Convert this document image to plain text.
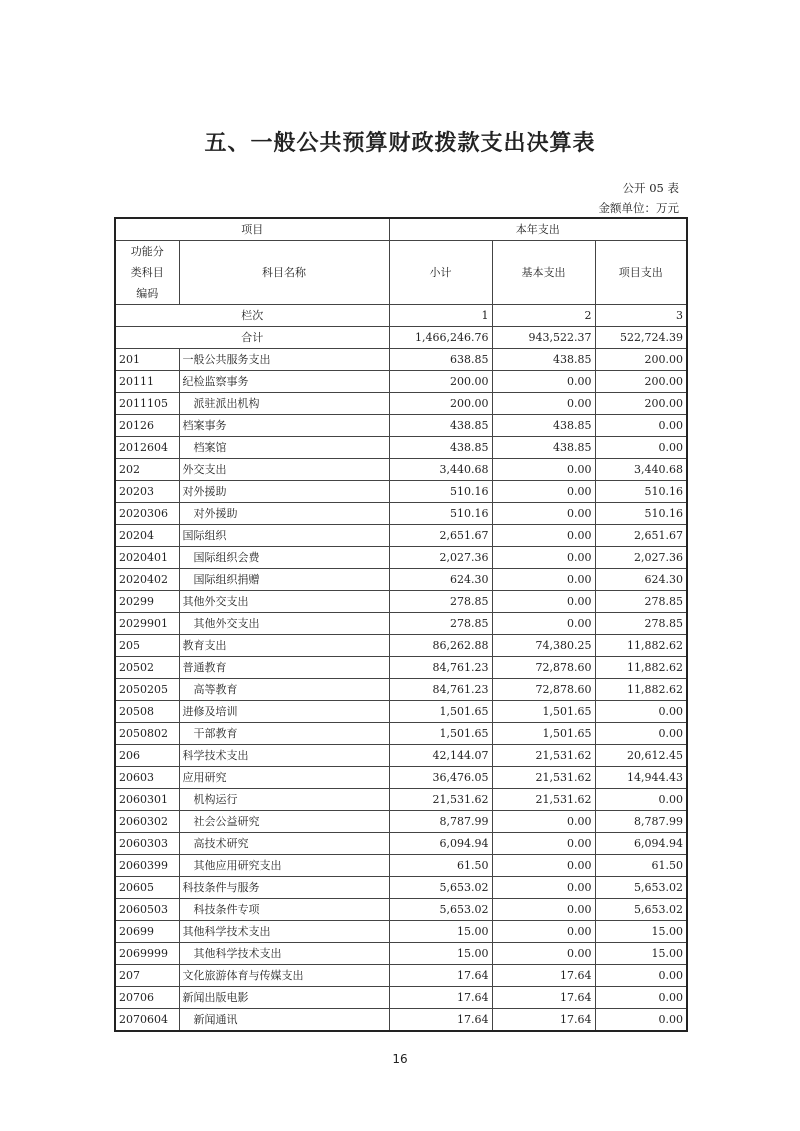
五、一般公共预算财政拨款支出决算表
公开 05 表
金额单位：万元
项目		本年支出		
功能分
类科目
编码	科目名称	小计	基本支出	项目支出
栏次		1	2	3
合计		1,466,246.76	943,522.37	522,724.39
201	一般公共服务支出	638.85	438.85	200.00
20111	纪检监察事务	200.00	0.00	200.00
2011105	派驻派出机构	200.00	0.00	200.00
20126	档案事务	438.85	438.85	0.00
2012604	档案馆	438.85	438.85	0.00
202	外交支出	3,440.68	0.00	3,440.68
20203	对外援助	510.16	0.00	510.16
2020306	对外援助	510.16	0.00	510.16
20204	国际组织	2,651.67	0.00	2,651.67
2020401	国际组织会费	2,027.36	0.00	2,027.36
2020402	国际组织捐赠	624.30	0.00	624.30
20299	其他外交支出	278.85	0.00	278.85
2029901	其他外交支出	278.85	0.00	278.85
205	教育支出	86,262.88	74,380.25	11,882.62
20502	普通教育	84,761.23	72,878.60	11,882.62
2050205	高等教育	84,761.23	72,878.60	11,882.62
20508	进修及培训	1,501.65	1,501.65	0.00
2050802	干部教育	1,501.65	1,501.65	0.00
206	科学技术支出	42,144.07	21,531.62	20,612.45
20603	应用研究	36,476.05	21,531.62	14,944.43
2060301	机构运行	21,531.62	21,531.62	0.00
2060302	社会公益研究	8,787.99	0.00	8,787.99
2060303	高技术研究	6,094.94	0.00	6,094.94
2060399	其他应用研究支出	61.50	0.00	61.50
20605	科技条件与服务	5,653.02	0.00	5,653.02
2060503	科技条件专项	5,653.02	0.00	5,653.02
20699	其他科学技术支出	15.00	0.00	15.00
2069999	其他科学技术支出	15.00	0.00	15.00
207	文化旅游体育与传媒支出	17.64	17.64	0.00
20706	新闻出版电影	17.64	17.64	0.00
2070604	新闻通讯	17.64	17.64	0.00
16
